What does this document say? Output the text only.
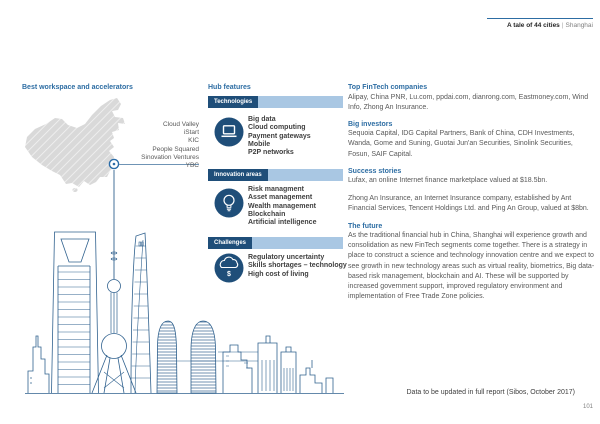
A tale of 44 cities | Shanghai
Best workspace and accelerators
Cloud Valley
iStart
KIC
People Squared
Sinovation Ventures
YBC
Hub features
Technologies
Big data
Cloud computing
Payment gateways
Mobile
P2P networks
Innovation areas
Risk managment
Asset management
Wealth management
Blockchain
Artificial intelligence
Challenges
$
Regulatory uncertainty
Skills shortages – technology
High cost of living
Top FinTech companies

Alipay, China PNR, Lu.com, ppdai.com, dianrong.com, Eastmoney.com, Wind Info, Zhong An Insurance.

Big investors

Sequoia Capital, IDG Capital Partners, Bank of China, CDH Investments, Wanda, Gome and Suning, Guotai Jun'an Securities, Sinolink Securities, Fosun, SAIF Capital.

Success stories

Lufax, an online Internet finance marketplace valued at $18.5bn.

Zhong An Insurance, an Internet Insurance company, established by Ant Financial Services, Tencent Holdings Ltd. and Ping An Group, valued at $8bn.

The future

As the traditional financial hub in China, Shanghai will experience growth and consolidation as new FinTech segments come together. There is a strategy in place to construct a science and technology innovation centre and we expect to see growth in new technology areas such as virtual reality, biometrics, Big data-based risk management, blockchain and AI. These will be supported by increased government support, improved regulatory environment and implementation of Free Trade Zone policies.

Data to be updated in full report (Sibos, October 2017)
101
